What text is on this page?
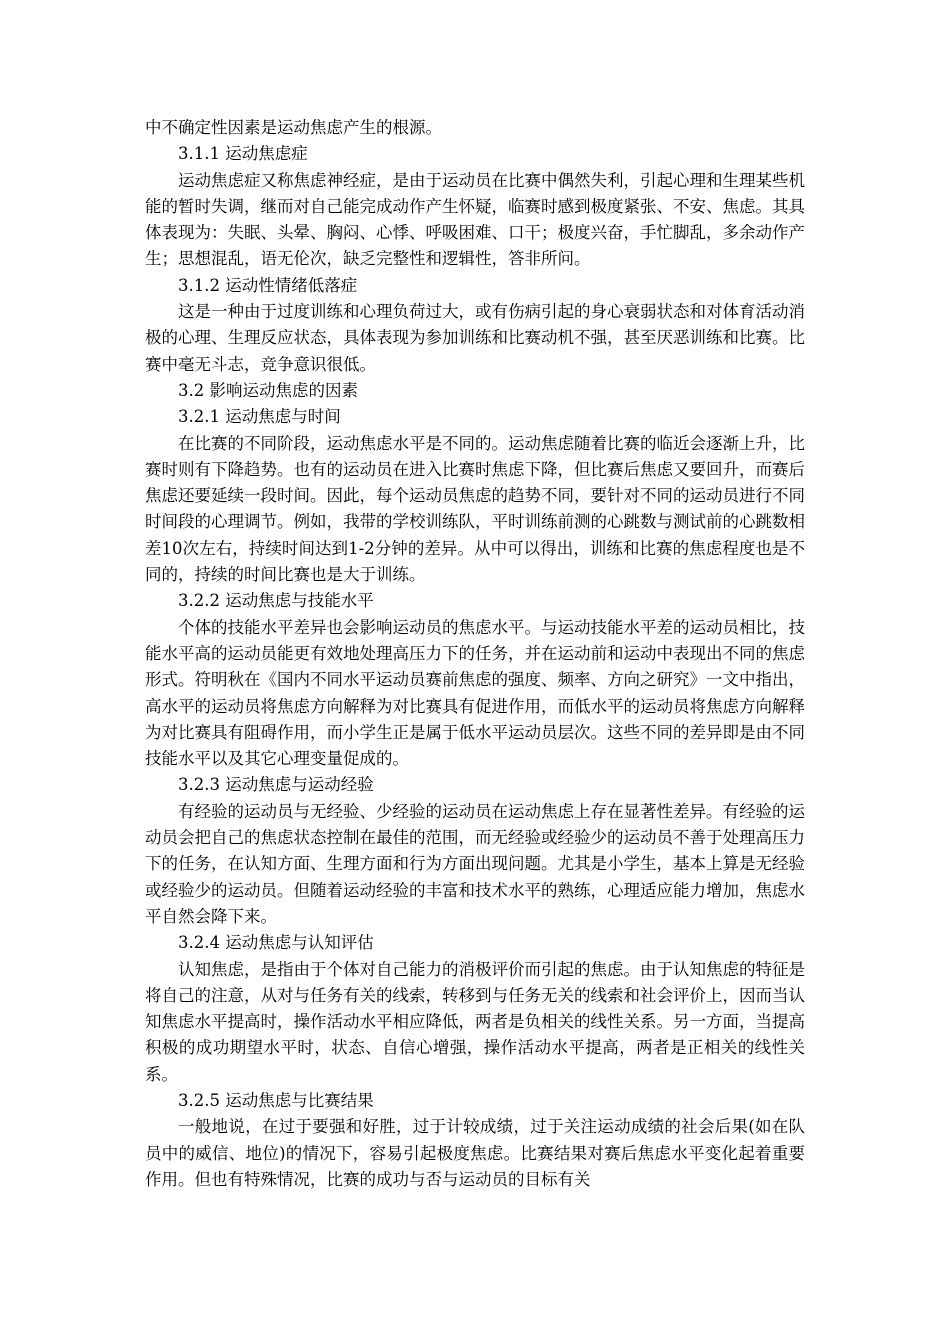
中不确定性因素是运动焦虑产生的根源。

3.1.1 运动焦虑症

运动焦虑症又称焦虑神经症，是由于运动员在比赛中偶然失利，引起心理和生理某些机能的暂时失调，继而对自己能完成动作产生怀疑，临赛时感到极度紧张、不安、焦虑。其具体表现为：失眠、头晕、胸闷、心悸、呼吸困难、口干；极度兴奋，手忙脚乱，多余动作产生；思想混乱，语无伦次，缺乏完整性和逻辑性，答非所问。

3.1.2 运动性情绪低落症

这是一种由于过度训练和心理负荷过大，或有伤病引起的身心衰弱状态和对体育活动消极的心理、生理反应状态，具体表现为参加训练和比赛动机不强，甚至厌恶训练和比赛。比赛中毫无斗志，竞争意识很低。

3.2 影响运动焦虑的因素
3.2.1 运动焦虑与时间

在比赛的不同阶段，运动焦虑水平是不同的。运动焦虑随着比赛的临近会逐渐上升，比赛时则有下降趋势。也有的运动员在进入比赛时焦虑下降，但比赛后焦虑又要回升，而赛后焦虑还要延续一段时间。因此，每个运动员焦虑的趋势不同，要针对不同的运动员进行不同时间段的心理调节。例如，我带的学校训练队，平时训练前测的心跳数与测试前的心跳数相差10次左右，持续时间达到1-2分钟的差异。从中可以得出，训练和比赛的焦虑程度也是不同的，持续的时间比赛也是大于训练。

3.2.2 运动焦虑与技能水平

个体的技能水平差异也会影响运动员的焦虑水平。与运动技能水平差的运动员相比，技能水平高的运动员能更有效地处理高压力下的任务，并在运动前和运动中表现出不同的焦虑形式。符明秋在《国内不同水平运动员赛前焦虑的强度、频率、方向之研究》一文中指出，高水平的运动员将焦虑方向解释为对比赛具有促进作用，而低水平的运动员将焦虑方向解释为对比赛具有阻碍作用，而小学生正是属于低水平运动员层次。这些不同的差异即是由不同技能水平以及其它心理变量促成的。

3.2.3 运动焦虑与运动经验

有经验的运动员与无经验、少经验的运动员在运动焦虑上存在显著性差异。有经验的运动员会把自己的焦虑状态控制在最佳的范围，而无经验或经验少的运动员不善于处理高压力下的任务，在认知方面、生理方面和行为方面出现问题。尤其是小学生，基本上算是无经验或经验少的运动员。但随着运动经验的丰富和技术水平的熟练，心理适应能力增加，焦虑水平自然会降下来。

3.2.4 运动焦虑与认知评估

认知焦虑，是指由于个体对自己能力的消极评价而引起的焦虑。由于认知焦虑的特征是将自己的注意，从对与任务有关的线索，转移到与任务无关的线索和社会评价上，因而当认知焦虑水平提高时，操作活动水平相应降低，两者是负相关的线性关系。另一方面，当提高积极的成功期望水平时，状态、自信心增强，操作活动水平提高，两者是正相关的线性关系。

3.2.5 运动焦虑与比赛结果

一般地说，在过于要强和好胜，过于计较成绩，过于关注运动成绩的社会后果(如在队员中的威信、地位)的情况下，容易引起极度焦虑。比赛结果对赛后焦虑水平变化起着重要作用。但也有特殊情况，比赛的成功与否与运动员的目标有关
